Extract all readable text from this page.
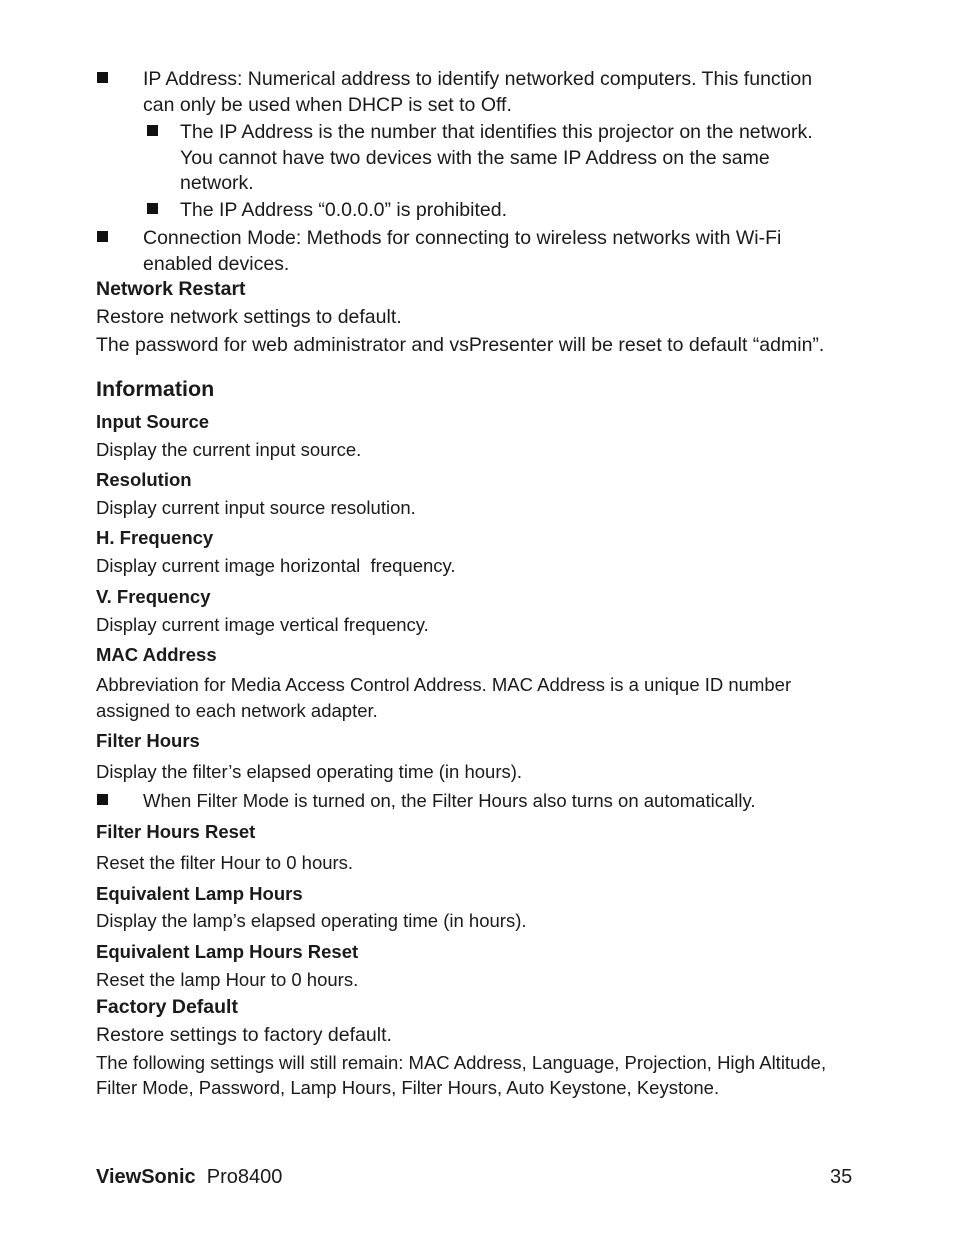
IP Address: Numerical address to identify networked computers. This function
can only be used when DHCP is set to Off.
The IP Address is the number that identifies this projector on the network.
You cannot have two devices with the same IP Address on the same
network.
The IP Address “0.0.0.0” is prohibited.
Connection Mode: Methods for connecting to wireless networks with Wi-Fi
enabled devices.
Network Restart
Restore network settings to default.
The password for web administrator and vsPresenter will be reset to default “admin”.
Information
Input Source
Display the current input source.
Resolution
Display current input source resolution.
H. Frequency
Display current image horizontal  frequency.
V. Frequency
Display current image vertical frequency.
MAC Address
Abbreviation for Media Access Control Address. MAC Address is a unique ID number
assigned to each network adapter.
Filter Hours
Display the filter’s elapsed operating time (in hours).
When Filter Mode is turned on, the Filter Hours also turns on automatically.
Filter Hours Reset
Reset the filter Hour to 0 hours.
Equivalent Lamp Hours
Display the lamp’s elapsed operating time (in hours).
Equivalent Lamp Hours Reset
Reset the lamp Hour to 0 hours.
Factory Default
Restore settings to factory default.
The following settings will still remain: MAC Address, Language, Projection, High Altitude,
Filter Mode, Password, Lamp Hours, Filter Hours, Auto Keystone, Keystone.
ViewSonic Pro8400	35
